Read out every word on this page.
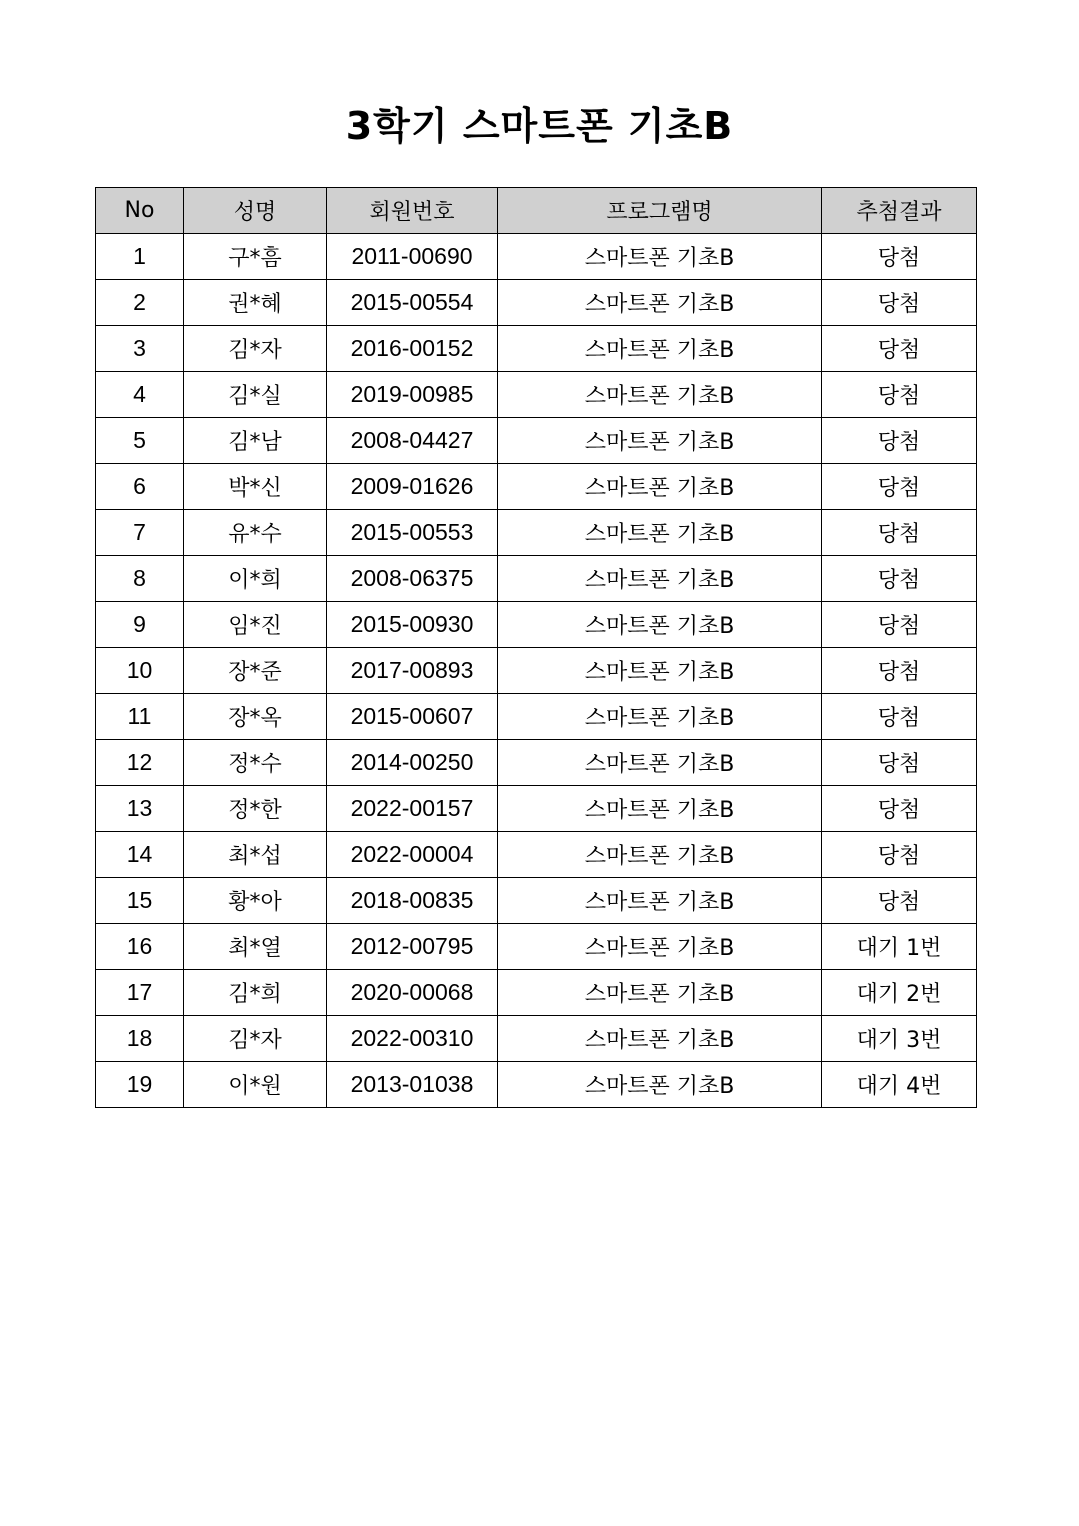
3학기 스마트폰 기초B
No	성명	회원번호	프로그램명	추첨결과
1	구*흠	2011-00690	스마트폰 기초B	당첨
2	권*혜	2015-00554	스마트폰 기초B	당첨
3	김*자	2016-00152	스마트폰 기초B	당첨
4	김*실	2019-00985	스마트폰 기초B	당첨
5	김*남	2008-04427	스마트폰 기초B	당첨
6	박*신	2009-01626	스마트폰 기초B	당첨
7	유*수	2015-00553	스마트폰 기초B	당첨
8	이*희	2008-06375	스마트폰 기초B	당첨
9	임*진	2015-00930	스마트폰 기초B	당첨
10	장*준	2017-00893	스마트폰 기초B	당첨
11	장*옥	2015-00607	스마트폰 기초B	당첨
12	정*수	2014-00250	스마트폰 기초B	당첨
13	정*한	2022-00157	스마트폰 기초B	당첨
14	최*섭	2022-00004	스마트폰 기초B	당첨
15	황*아	2018-00835	스마트폰 기초B	당첨
16	최*열	2012-00795	스마트폰 기초B	대기 1번
17	김*희	2020-00068	스마트폰 기초B	대기 2번
18	김*자	2022-00310	스마트폰 기초B	대기 3번
19	이*원	2013-01038	스마트폰 기초B	대기 4번
